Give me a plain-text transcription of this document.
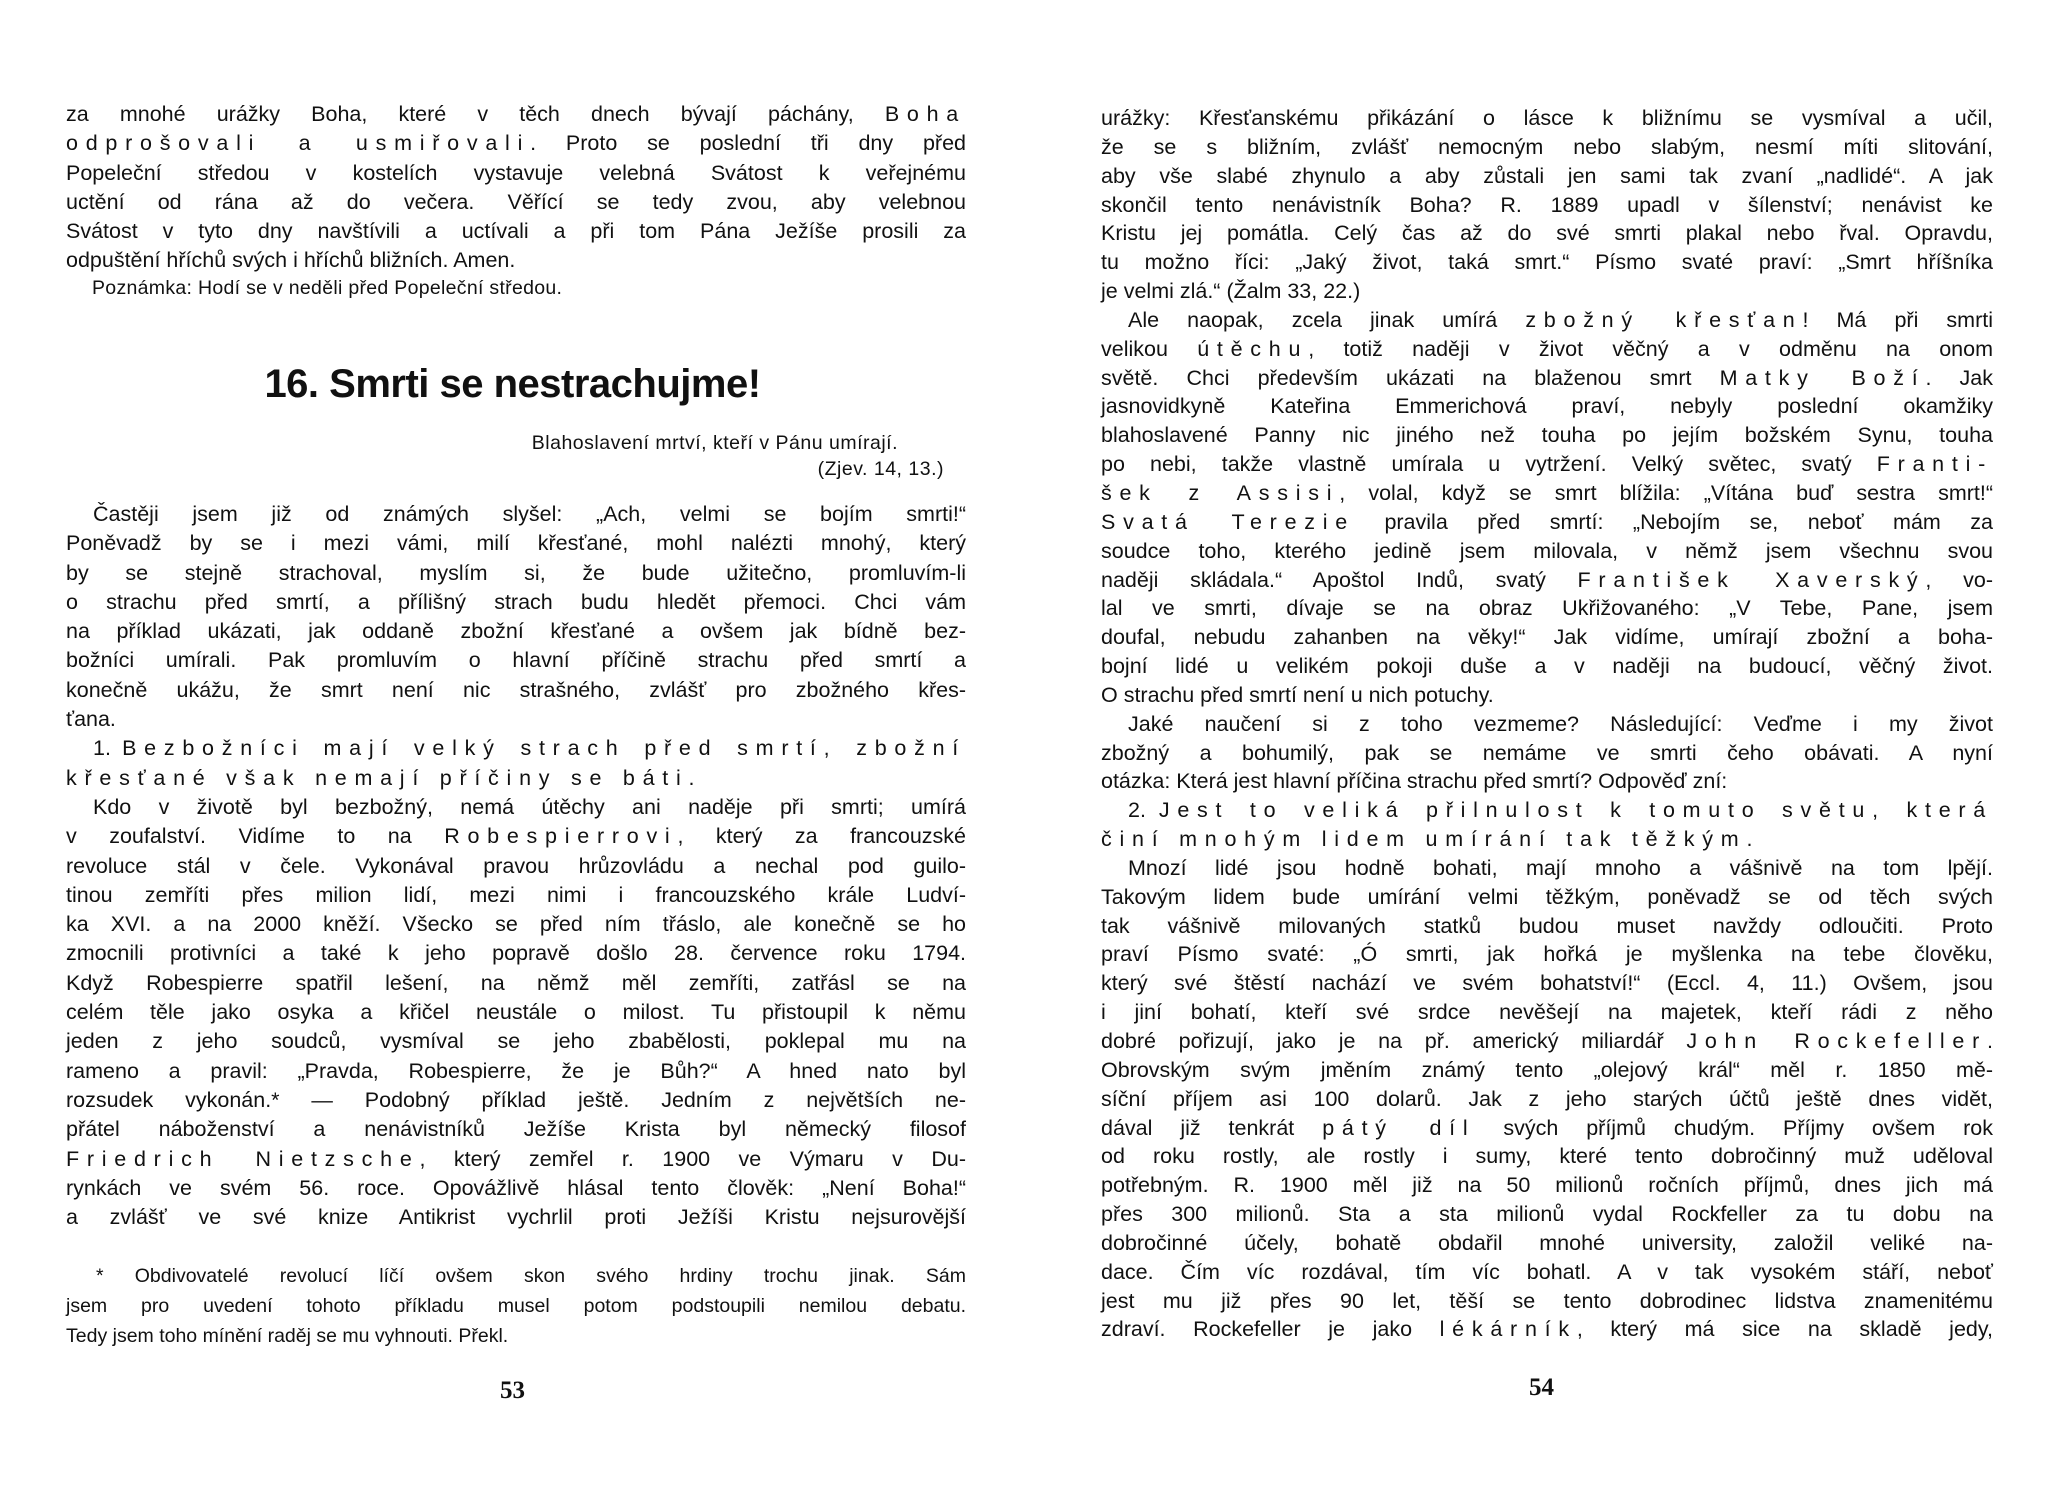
za mnohé urážky Boha, které v těch dnech bývají páchány, Boha
odprošovali a usmiřovali. Proto se poslední tři dny před
Popeleční středou v kostelích vystavuje velebná Svátost k veřejnému
uctění od rána až do večera. Věřící se tedy zvou, aby velebnou
Svátost v tyto dny navštívili a uctívali a při tom Pána Ježíše prosili za
odpuštění hříchů svých i hříchů bližních. Amen.
Poznámka: Hodí se v neděli před Popeleční středou.
16. Smrti se nestrachujme!
Blahoslavení mrtví, kteří v Pánu umírají.
(Zjev. 14, 13.)
Častěji jsem již od známých slyšel: „Ach, velmi se bojím smrti!“
Poněvadž by se i mezi vámi, milí křesťané, mohl nalézti mnohý, který
by se stejně strachoval, myslím si, že bude užitečno, promluvím-li
o strachu před smrtí, a přílišný strach budu hledět přemoci. Chci vám
na příklad ukázati, jak oddaně zbožní křesťané a ovšem jak bídně bez-
božníci umírali. Pak promluvím o hlavní příčině strachu před smrtí a
konečně ukážu, že smrt není nic strašného, zvlášť pro zbožného křes-
ťana.
1. Bezbožníci mají velký strach před smrtí, zbožní
křesťané však nemají příčiny se báti.
Kdo v životě byl bezbožný, nemá útěchy ani naděje při smrti; umírá
v zoufalství. Vidíme to na Robespierrovi, který za francouzské
revoluce stál v čele. Vykonával pravou hrůzovládu a nechal pod guilo-
tinou zemříti přes milion lidí, mezi nimi i francouzského krále Ludví-
ka XVI. a na 2000 kněží. Všecko se před ním třáslo, ale konečně se ho
zmocnili protivníci a také k jeho popravě došlo 28. července roku 1794.
Když Robespierre spatřil lešení, na němž měl zemříti, zatřásl se na
celém těle jako osyka a křičel neustále o milost. Tu přistoupil k němu
jeden z jeho soudců, vysmíval se jeho zbabělosti, poklepal mu na
rameno a pravil: „Pravda, Robespierre, že je Bůh?“ A hned nato byl
rozsudek vykonán.* — Podobný příklad ještě. Jedním z největších ne-
přátel náboženství a nenávistníků Ježíše Krista byl německý filosof
Friedrich Nietzsche, který zemřel r. 1900 ve Výmaru v Du-
rynkách ve svém 56. roce. Opovážlivě hlásal tento člověk: „Není Boha!“
a zvlášť ve své knize Antikrist vychrlil proti Ježíši Kristu nejsurovější
* Obdivovatelé revolucí líčí ovšem skon svého hrdiny trochu jinak. Sám
jsem pro uvedení tohoto příkladu musel potom podstoupili nemilou debatu.
Tedy jsem toho mínění raděj se mu vyhnouti. Překl.
53
urážky: Křesťanskému přikázání o lásce k bližnímu se vysmíval a učil,
že se s bližním, zvlášť nemocným nebo slabým, nesmí míti slitování,
aby vše slabé zhynulo a aby zůstali jen sami tak zvaní „nadlidé“. A jak
skončil tento nenávistník Boha? R. 1889 upadl v šílenství; nenávist ke
Kristu jej pomátla. Celý čas až do své smrti plakal nebo řval. Opravdu,
tu možno říci: „Jaký život, taká smrt.“ Písmo svaté praví: „Smrt hříšníka
je velmi zlá.“ (Žalm 33, 22.)
Ale naopak, zcela jinak umírá zbožný křesťan! Má při smrti
velikou útěchu, totiž naději v život věčný a v odměnu na onom
světě. Chci především ukázati na blaženou smrt Matky Boží. Jak
jasnovidkyně Kateřina Emmerichová praví, nebyly poslední okamžiky
blahoslavené Panny nic jiného než touha po jejím božském Synu, touha
po nebi, takže vlastně umírala u vytržení. Velký světec, svatý Franti-
šek z Assisi, volal, když se smrt blížila: „Vítána buď sestra smrt!“
Svatá Terezie pravila před smrtí: „Nebojím se, neboť mám za
soudce toho, kterého jedině jsem milovala, v němž jsem všechnu svou
naději skládala.“ Apoštol Indů, svatý František Xaverský, vo-
lal ve smrti, dívaje se na obraz Ukřižovaného: „V Tebe, Pane, jsem
doufal, nebudu zahanben na věky!“ Jak vidíme, umírají zbožní a boha-
bojní lidé u velikém pokoji duše a v naději na budoucí, věčný život.
O strachu před smrtí není u nich potuchy.
Jaké naučení si z toho vezmeme? Následující: Veďme i my život
zbožný a bohumilý, pak se nemáme ve smrti čeho obávati. A nyní
otázka: Která jest hlavní příčina strachu před smrtí? Odpověď zní:
2. Jest to veliká přilnulost k tomuto světu, která
činí mnohým lidem umírání tak těžkým.
Mnozí lidé jsou hodně bohati, mají mnoho a vášnivě na tom lpějí.
Takovým lidem bude umírání velmi těžkým, poněvadž se od těch svých
tak vášnivě milovaných statků budou muset navždy odloučiti. Proto
praví Písmo svaté: „Ó smrti, jak hořká je myšlenka na tebe člověku,
který své štěstí nachází ve svém bohatství!“ (Eccl. 4, 11.) Ovšem, jsou
i jiní bohatí, kteří své srdce nevěšejí na majetek, kteří rádi z něho
dobré pořizují, jako je na př. americký miliardář John Rockefeller.
Obrovským svým jměním známý tento „olejový král“ měl r. 1850 mě-
síční příjem asi 100 dolarů. Jak z jeho starých účtů ještě dnes vidět,
dával již tenkrát pátý díl svých příjmů chudým. Příjmy ovšem rok
od roku rostly, ale rostly i sumy, které tento dobročinný muž uděloval
potřebným. R. 1900 měl již na 50 milionů ročních příjmů, dnes jich má
přes 300 milionů. Sta a sta milionů vydal Rockfeller za tu dobu na
dobročinné účely, bohatě obdařil mnohé university, založil veliké na-
dace. Čím víc rozdával, tím víc bohatl. A v tak vysokém stáří, neboť
jest mu již přes 90 let, těší se tento dobrodinec lidstva znamenitému
zdraví. Rockefeller je jako lékárník, který má sice na skladě jedy,
54
